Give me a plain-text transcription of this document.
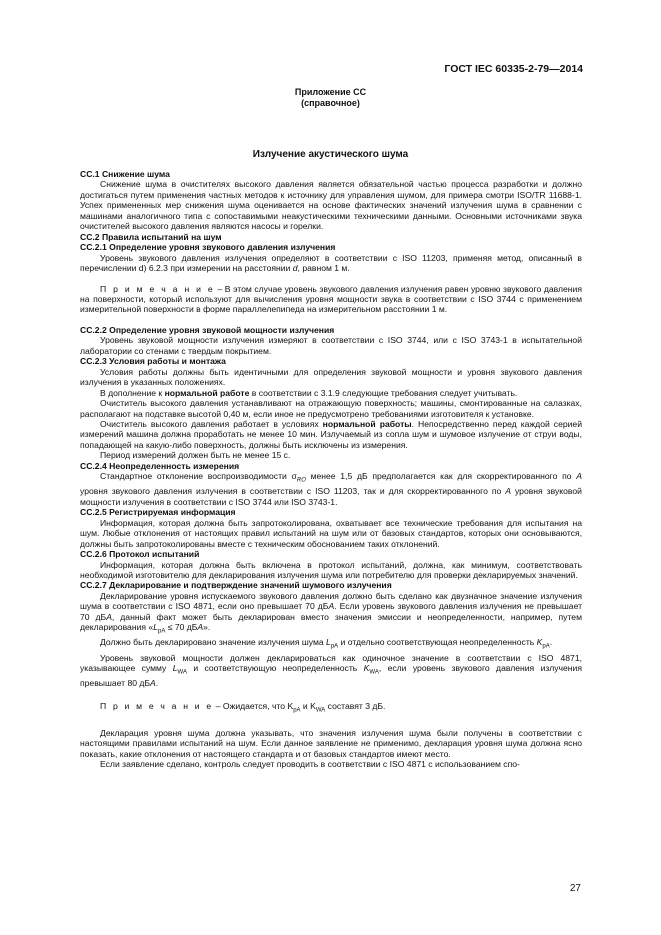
ГОСТ IEC 60335-2-79—2014
Приложение СС
(справочное)
Излучение акустического шума
СС.1 Снижение шума

Снижение шума в очистителях высокого давления является обязательной частью процесса разработки и должно достигаться путем применения частных методов к источнику для управления шумом, для примера смотри ISO/TR 11688-1. Успех примененных мер снижения шума оценивается на основе фактических значений излучения шума в сравнении с машинами аналогичного типа с сопоставимыми неакустическими техническими данными. Основными источниками звука очистителей высокого давления являются насосы и горелки.

СС.2 Правила испытаний на шум
СС.2.1 Определение уровня звукового давления излучения

Уровень звукового давления излучения определяют в соответствии с ISO 11203, применяя метод, описанный в перечислении d) 6.2.3 при измерении на расстоянии d, равном 1 м.

П р и м е ч а н и е – В этом случае уровень звукового давления излучения равен уровню звукового давления на поверхности, который используют для вычисления уровня мощности звука в соответствии с ISO 3744 с применением измерительной поверхности в форме параллелепипеда на измерительном расстоянии 1 м.

СС.2.2 Определение уровня звуковой мощности излучения

Уровень звуковой мощности излучения измеряют в соответствии с ISO 3744, или с ISO 3743-1 в испытательной лаборатории со стенами с твердым покрытием.

СС.2.3 Условия работы и монтажа

Условия работы должны быть идентичными для определения звуковой мощности и уровня звукового давления излучения в указанных положениях.

В дополнение к нормальной работе в соответствии с 3.1.9 следующие требования следует учитывать.

Очиститель высокого давления устанавливают на отражающую поверхность; машины, смонтированные на салазках, располагают на подставке высотой 0,40 м, если иное не предусмотрено требованиями изготовителя к установке.

Очиститель высокого давления работает в условиях нормальной работы. Непосредственно перед каждой серией измерений машина должна проработать не менее 10 мин. Излучаемый из сопла шум и шумовое излучение от струи воды, попадающей на какую-либо поверхность, должны быть исключены из измерения.

Период измерений должен быть не менее 15 с.

СС.2.4 Неопределенность измерения

Стандартное отклонение воспроизводимости $\sigma_{RO}$ менее 1,5 дБ предполагается как для скорректированного по А уровня звукового давления излучения в соответствии с ISO 11203, так и для скорректированного по А уровня звуковой мощности излучения в соответствии с ISO 3744 или ISO 3743-1.

СС.2.5 Регистрируемая информация

Информация, которая должна быть запротоколирована, охватывает все технические требования для испытания на шум. Любые отклонения от настоящих правил испытаний на шум или от базовых стандартов, которых они основываются, должны быть запротоколированы вместе с техническим обоснованием таких отклонений.

СС.2.6 Протокол испытаний

Информация, которая должна быть включена в протокол испытаний, должна, как минимум, соответствовать необходимой изготовителю для декларирования излучения шума или потребителю для проверки декларируемых значений.

СС.2.7 Декларирование и подтверждение значений шумового излучения

Декларирование уровня испускаемого звукового давления должно быть сделано как двузначное значение излучения шума в соответствии с ISO 4871, если оно превышает 70 дБА. Если уровень звукового давления излучения не превышает 70 дБА, данный факт может быть декларирован вместо значения эмиссии и неопределенности, например, путем декларирования «$L_{pA} \le 70$ дБА».

Должно быть декларировано значение излучения шума $L_{pA}$ и отдельно соответствующая неопределенность $K_{pA}$.

Уровень звуковой мощности должен декларироваться как одиночное значение в соответствии с ISO 4871, указывающее сумму $L_{WA}$ и соответствующую неопределенность $K_{WA}$, если уровень звукового давления излучения превышает 80 дБА.

П р и м е ч а н и е – Ожидается, что $K_{pA}$ и $K_{WA}$ составят 3 дБ.

Декларация уровня шума должна указывать, что значения излучения шума были получены в соответствии с настоящими правилами испытаний на шум. Если данное заявление не применимо, декларация уровня шума должна ясно показать, какие отклонения от настоящего стандарта и от базовых стандартов имеют место.

Если заявление сделано, контроль следует проводить в соответствии с ISO 4871 с использованием спо-

27
